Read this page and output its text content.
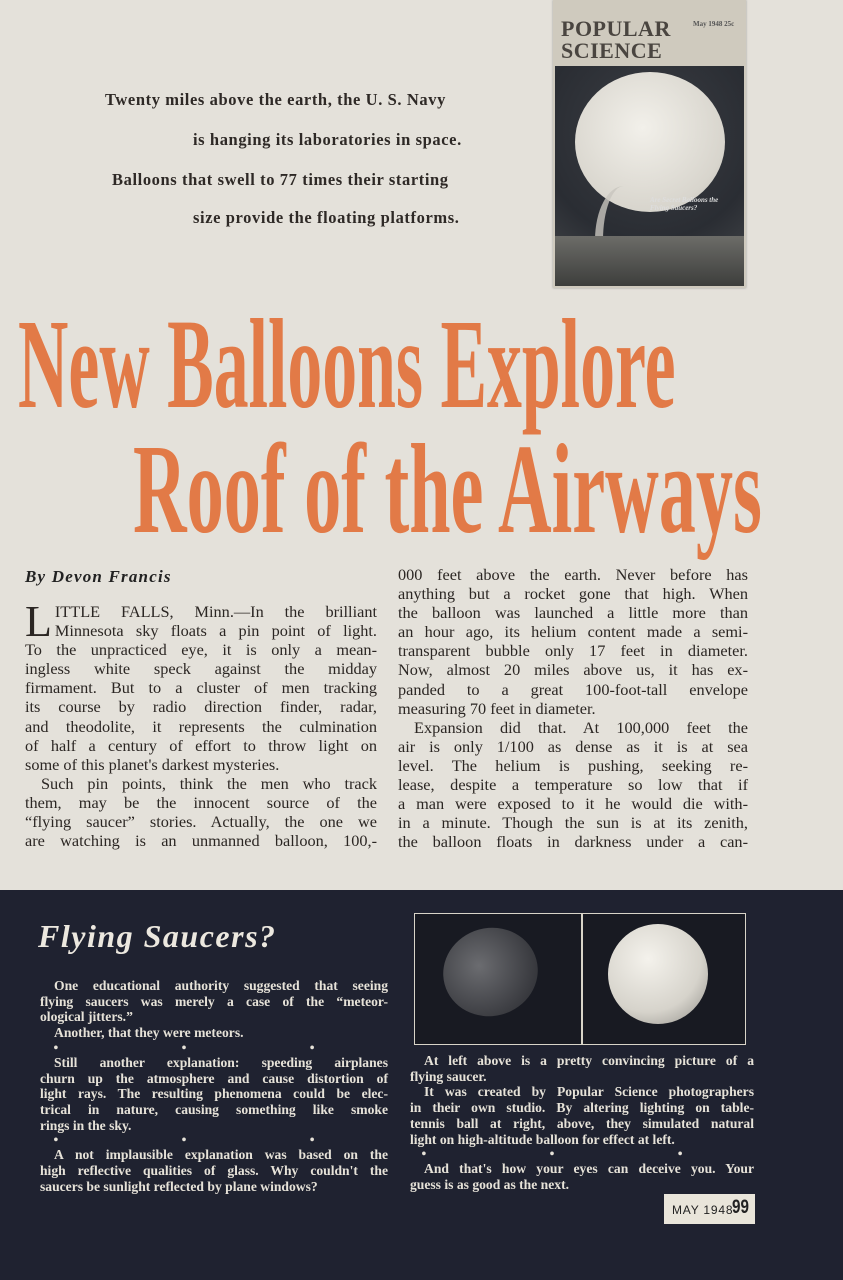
Twenty miles above the earth, the U. S. Navy
is hanging its laboratories in space.
Balloons that swell to 77 times their starting
size provide the floating platforms.
POPULAR
SCIENCE
May 1948 25c
Are Secret Balloons the Flying Saucers?
New Balloons Explore
Roof of the Airways
By Devon Francis
L ITTLE FALLS, Minn.—In the brilliant
Minnesota sky floats a pin point of light.
To the unpracticed eye, it is only a mean-
ingless white speck against the midday
firmament. But to a cluster of men tracking
its course by radio direction finder, radar,
and theodolite, it represents the culmination
of half a century of effort to throw light on
some of this planet's darkest mysteries.
Such pin points, think the men who track
them, may be the innocent source of the
“flying saucer” stories. Actually, the one we
are watching is an unmanned balloon, 100,-
000 feet above the earth. Never before has
anything but a rocket gone that high. When
the balloon was launched a little more than
an hour ago, its helium content made a semi-
transparent bubble only 17 feet in diameter.
Now, almost 20 miles above us, it has ex-
panded to a great 100-foot-tall envelope
measuring 70 feet in diameter.
Expansion did that. At 100,000 feet the
air is only 1/100 as dense as it is at sea
level. The helium is pushing, seeking re-
lease, despite a temperature so low that if
a man were exposed to it he would die with-
in a minute. Though the sun is at its zenith,
the balloon floats in darkness under a can-
Flying Saucers?
One educational authority suggested that seeing
flying saucers was merely a case of the “meteor-
ological jitters.”
Another, that they were meteors.
• • •
Still another explanation: speeding airplanes
churn up the atmosphere and cause distortion of
light rays. The resulting phenomena could be elec-
trical in nature, causing something like smoke
rings in the sky.
• • •
A not implausible explanation was based on the
high reflective qualities of glass. Why couldn't the
saucers be sunlight reflected by plane windows?
At left above is a pretty convincing picture of a
flying saucer.
It was created by Popular Science photographers
in their own studio. By altering lighting on table-
tennis ball at right, above, they simulated natural
light on high-altitude balloon for effect at left.
• • •
And that's how your eyes can deceive you. Your
guess is as good as the next.
MAY 1948
99
